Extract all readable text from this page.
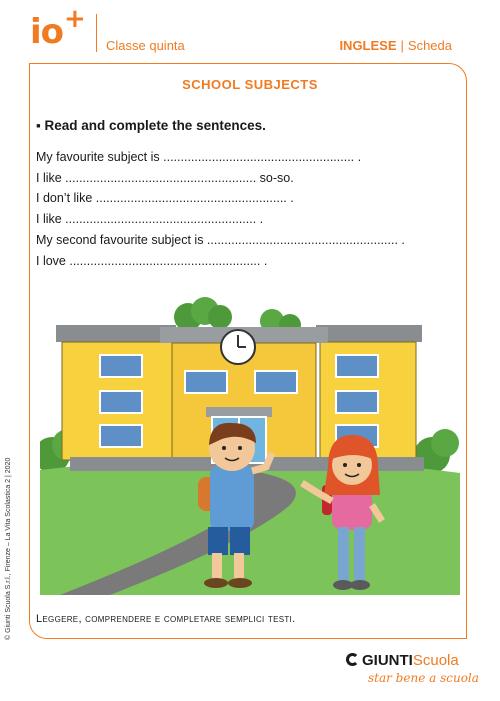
io +
Classe quinta	INGLESE | Scheda
SCHOOL SUBJECTS
▪ Read and complete the sentences.
My favourite subject is ....................................................... .
I like ....................................................... so-so.
I don’t like ....................................................... .
I like ....................................................... .
My second favourite subject is ....................................................... .
I love ....................................................... .
Leggere, comprendere e completare semplici testi.
© Giunti Scuola S.r.l., Firenze – La Vita Scolastica 2 | 2020
GIUNTIScuola
star bene a scuola
